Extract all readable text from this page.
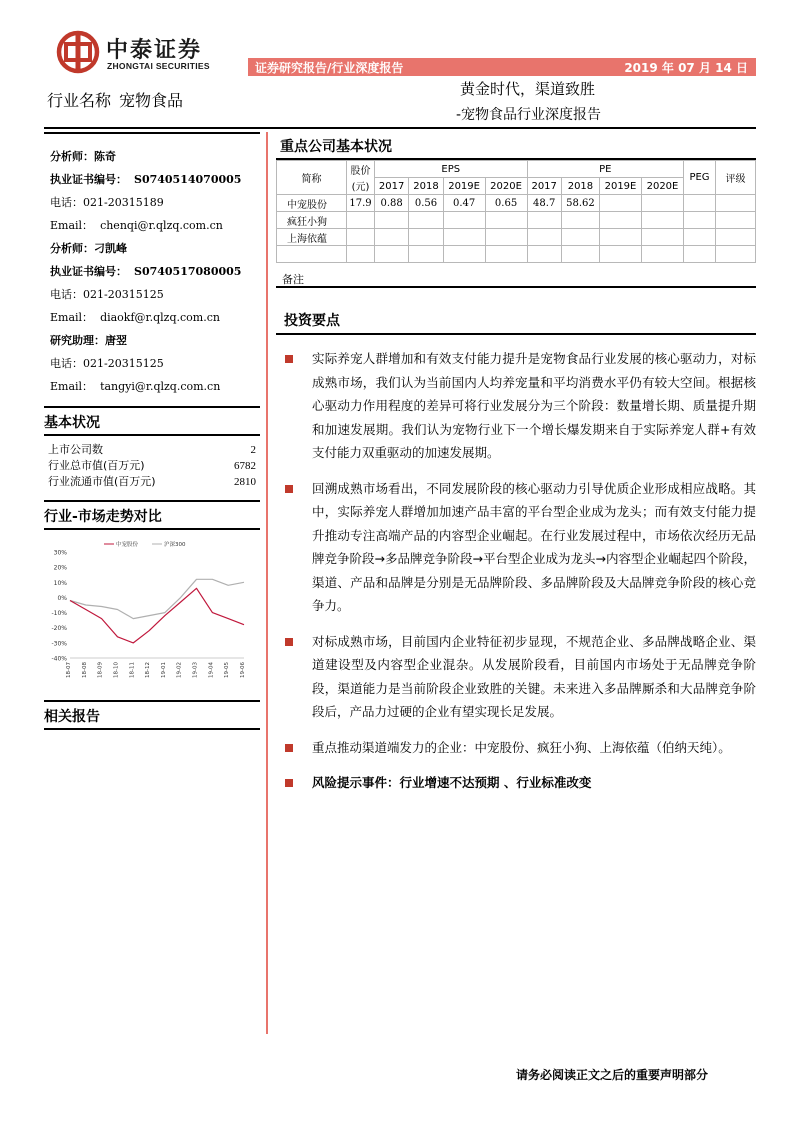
中泰证券
ZHONGTAI SECURITIES	证券研究报告/行业深度报告	2019 年 07 月 14 日
行业名称 宠物食品
黄金时代，渠道致胜
-宠物食品行业深度报告
分析师：陈奇
执业证书编号： S0740514070005
电话：021-20315189
Email： chenqi@r.qlzq.com.cn
分析师：刁凯峰
执业证书编号： S0740517080005
电话：021-20315125
Email： diaokf@r.qlzq.com.cn
研究助理：唐翌
电话：021-20315125
Email： tangyi@r.qlzq.com.cn
基本状况
上市公司数	2
行业总市值(百万元)	6782
行业流通市值(百万元)	2810
行业-市场走势对比
30%
20%
10%
0%
-10%
-20%
-30%
-40%
18-07 18-08 18-09 18-10 18-11 18-12 19-01 19-02 19-03 19-04 19-05 19-06
中宠股份	沪深300
相关报告
重点公司基本状况
简称	股价	EPS				PE				PEG	评级
	(元)	2017	2018	2019E	2020E	2017	2018	2019E	2020E		
中宠股份	17.9	0.88	0.56	0.47	0.65	48.7	58.62				
疯狂小狗											
上海依蕴											

备注
投资要点
实际养宠人群增加和有效支付能力提升是宠物食品行业发展的核心驱动力，对标成熟市场，我们认为当前国内人均养宠量和平均消费水平仍有较大空间。根据核心驱动力作用程度的差异可将行业发展分为三个阶段：数量增长期、质量提升期和加速发展期。我们认为宠物行业下一个增长爆发期来自于实际养宠人群+有效支付能力双重驱动的加速发展期。
回溯成熟市场看出，不同发展阶段的核心驱动力引导优质企业形成相应战略。其中，实际养宠人群增加加速产品丰富的平台型企业成为龙头；而有效支付能力提升推动专注高端产品的内容型企业崛起。在行业发展过程中，市场依次经历无品牌竞争阶段→多品牌竞争阶段→平台型企业成为龙头→内容型企业崛起四个阶段，渠道、产品和品牌是分别是无品牌阶段、多品牌阶段及大品牌竞争阶段的核心竞争力。
对标成熟市场，目前国内企业特征初步显现，不规范企业、多品牌战略企业、渠道建设型及内容型企业混杂。从发展阶段看，目前国内市场处于无品牌竞争阶段，渠道能力是当前阶段企业致胜的关键。未来进入多品牌厮杀和大品牌竞争阶段后，产品力过硬的企业有望实现长足发展。
重点推动渠道端发力的企业：中宠股份、疯狂小狗、上海依蕴（伯纳天纯）。
风险提示事件：行业增速不达预期 、行业标准改变
请务必阅读正文之后的重要声明部分
